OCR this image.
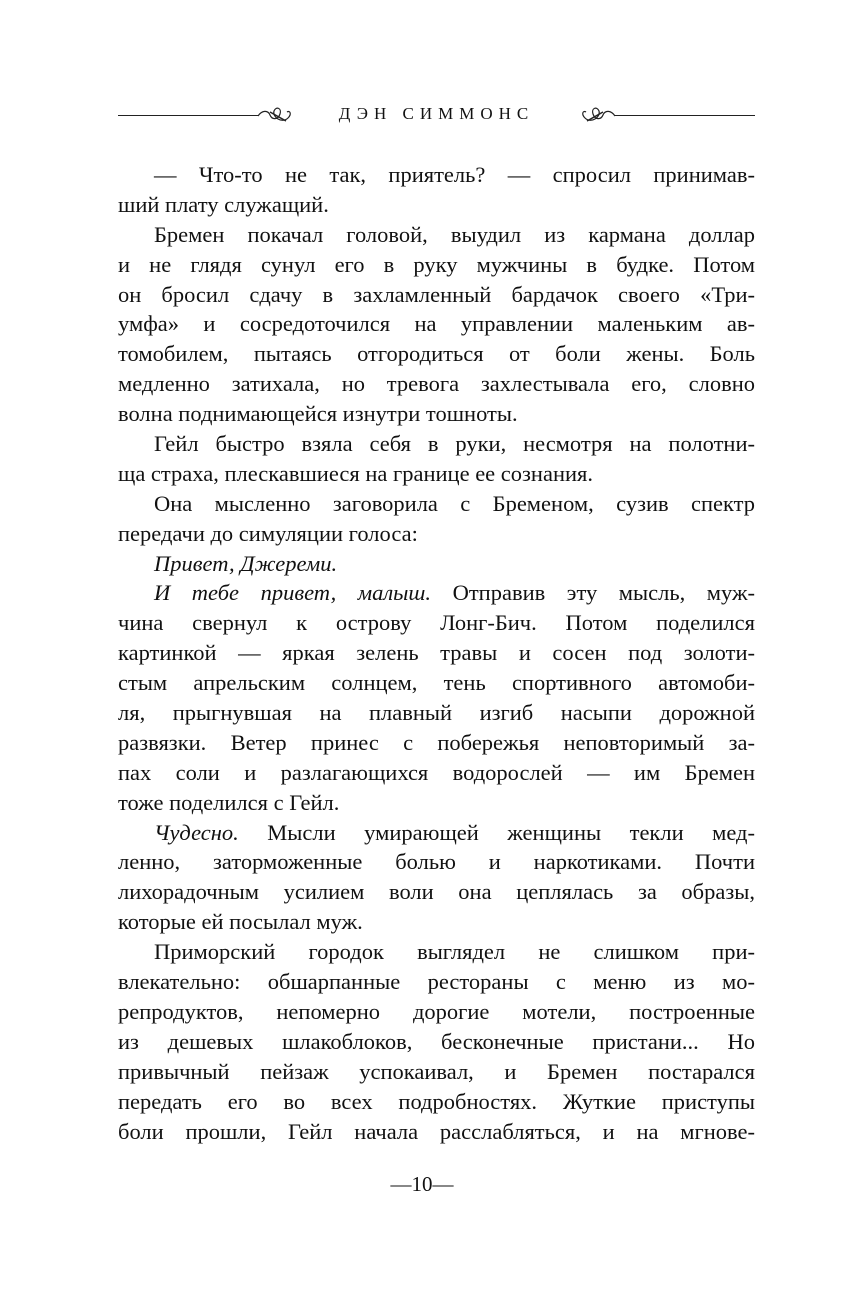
ДЭН СИММОНС
— Что-то не так, приятель? — спросил принимав-
ший плату служащий.
Бремен покачал головой, выудил из кармана доллар
и не глядя сунул его в руку мужчины в будке. Потом
он бросил сдачу в захламленный бардачок своего «Три-
умфа» и сосредоточился на управлении маленьким ав-
томобилем, пытаясь отгородиться от боли жены. Боль
медленно затихала, но тревога захлестывала его, словно
волна поднимающейся изнутри тошноты.
Гейл быстро взяла себя в руки, несмотря на полотни-
ща страха, плескавшиеся на границе ее сознания.
Она мысленно заговорила с Бременом, сузив спектр
передачи до симуляции голоса:
Привет, Джереми.
И тебе привет, малыш. Отправив эту мысль, муж-
чина свернул к острову Лонг-Бич. Потом поделился
картинкой — яркая зелень травы и сосен под золоти-
стым апрельским солнцем, тень спортивного автомоби-
ля, прыгнувшая на плавный изгиб насыпи дорожной
развязки. Ветер принес с побережья неповторимый за-
пах соли и разлагающихся водорослей — им Бремен
тоже поделился с Гейл.
Чудесно. Мысли умирающей женщины текли мед-
ленно, заторможенные болью и наркотиками. Почти
лихорадочным усилием воли она цеплялась за образы,
которые ей посылал муж.
Приморский городок выглядел не слишком при-
влекательно: обшарпанные рестораны с меню из мо-
репродуктов, непомерно дорогие мотели, построенные
из дешевых шлакоблоков, бесконечные пристани... Но
привычный пейзаж успокаивал, и Бремен постарался
передать его во всех подробностях. Жуткие приступы
боли прошли, Гейл начала расслабляться, и на мгнове-
—10—
